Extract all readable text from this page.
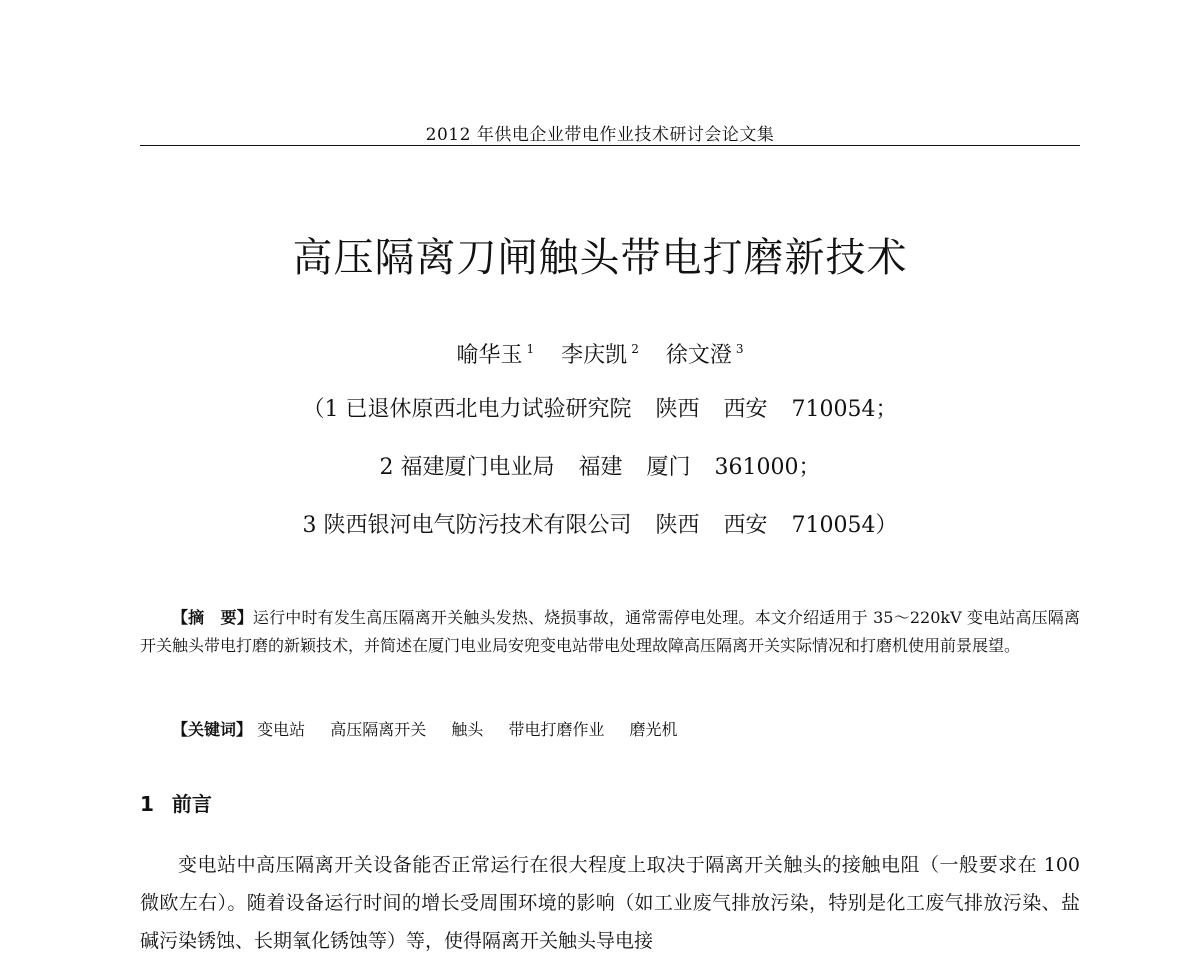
2012 年供电企业带电作业技术研讨会论文集
高压隔离刀闸触头带电打磨新技术
喻华玉 $^1$ 李庆凯 $^2$ 徐文澄 $^3$
（1 已退休原西北电力试验研究院 陕西 西安 710054；
2 福建厦门电业局 福建 厦门 361000；
3 陕西银河电气防污技术有限公司 陕西 西安 710054）
【摘　要】运行中时有发生高压隔离开关触头发热、烧损事故，通常需停电处理。本文介绍适用于 35～220kV 变电站高压隔离开关触头带电打磨的新颖技术，并简述在厦门电业局安兜变电站带电处理故障高压隔离开关实际情况和打磨机使用前景展望。
【关键词】 变电站 高压隔离开关 触头 带电打磨作业 磨光机
1 前言
变电站中高压隔离开关设备能否正常运行在很大程度上取决于隔离开关触头的接触电阻（一般要求在 100 微欧左右）。随着设备运行时间的增长受周围环境的影响（如工业废气排放污染，特别是化工废气排放污染、盐碱污染锈蚀、长期氧化锈蚀等）等，使得隔离开关触头导电接
